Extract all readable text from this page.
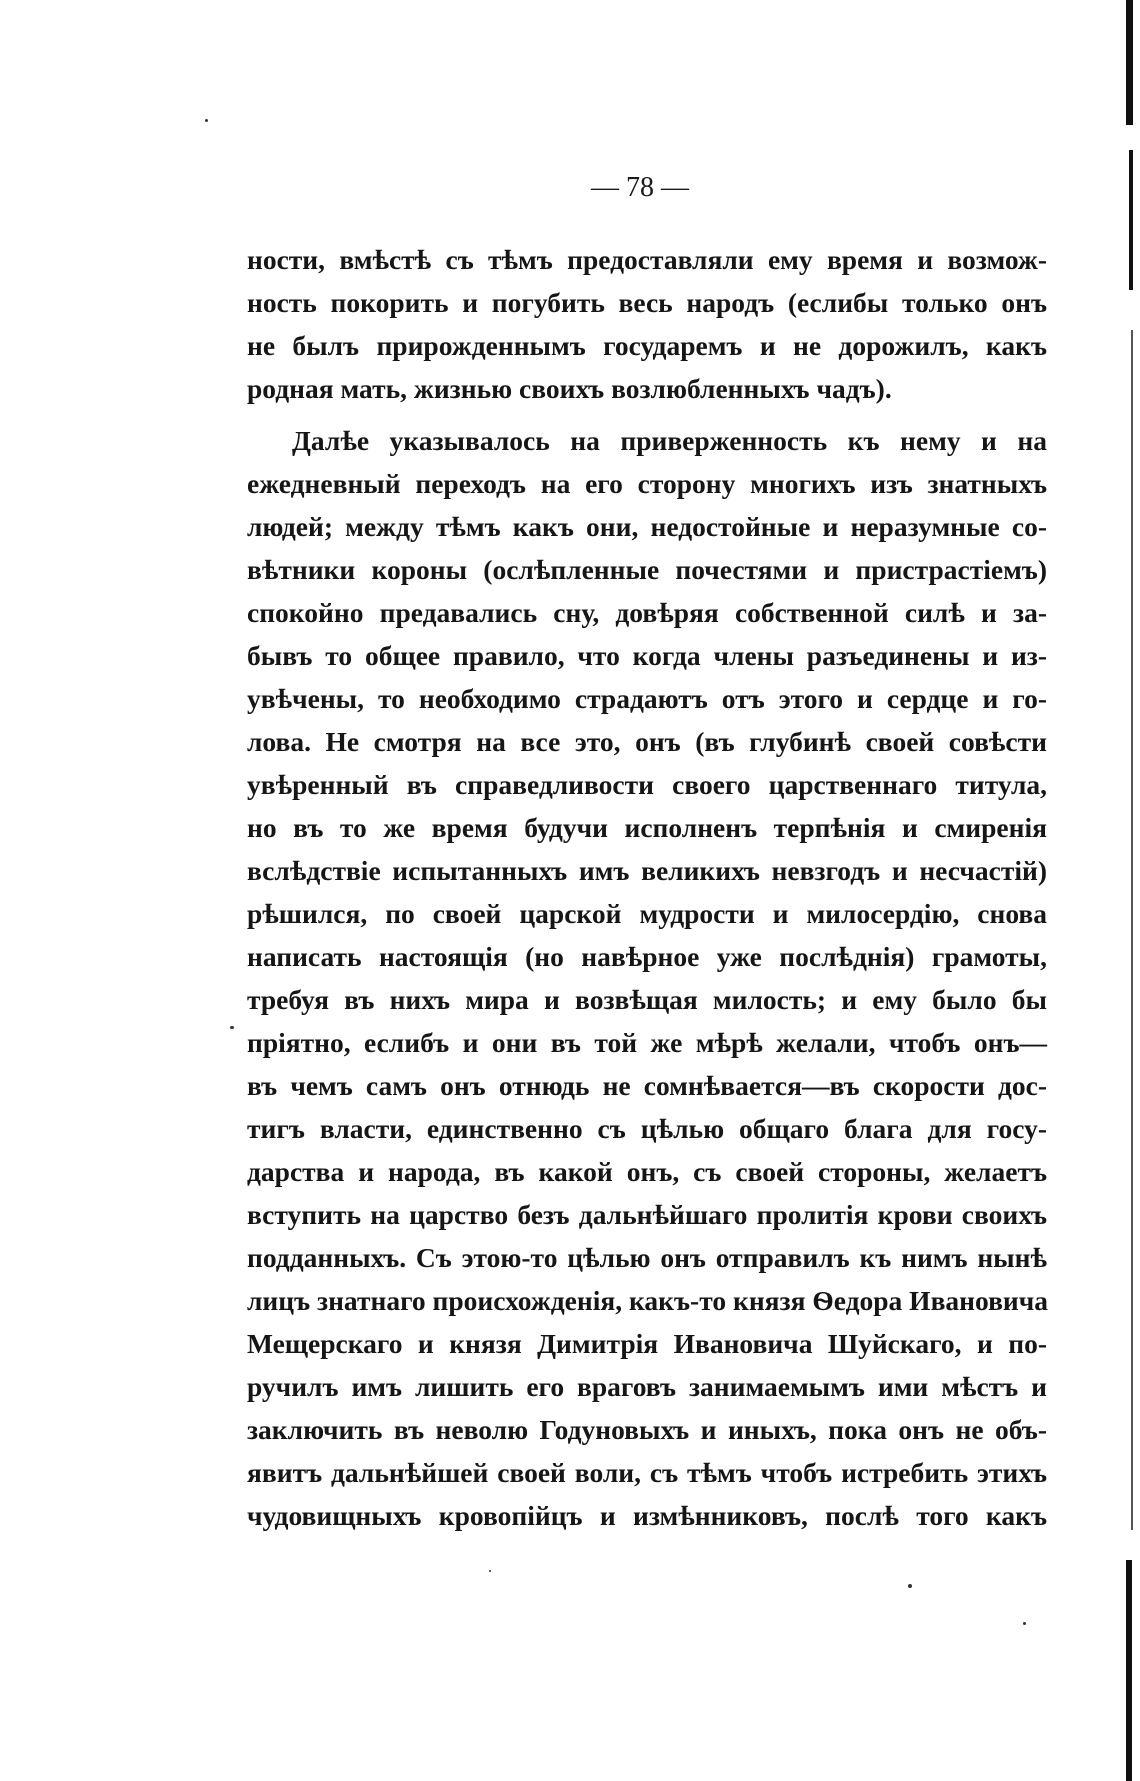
— 78 —
ности, вмѣстѣ съ тѣмъ предоставляли ему время и возмож-
ность покорить и погубить весь народъ (еслибы только онъ
не былъ прирожденнымъ государемъ и не дорожилъ, какъ
родная мать, жизнью своихъ возлюбленныхъ чадъ).
Далѣе указывалось на приверженность къ нему и на
ежедневный переходъ на его сторону многихъ изъ знатныхъ
людей; между тѣмъ какъ они, недостойные и неразумные со-
вѣтники короны (ослѣпленные почестями и пристрастіемъ)
спокойно предавались сну, довѣряя собственной силѣ и за-
бывъ то общее правило, что когда члены разъединены и из-
увѣчены, то необходимо страдаютъ отъ этого и сердце и го-
лова. Не смотря на все это, онъ (въ глубинѣ своей совѣсти
увѣренный въ справедливости своего царственнаго титула,
но въ то же время будучи исполненъ терпѣнія и смиренія
вслѣдствіе испытанныхъ имъ великихъ невзгодъ и несчастій)
рѣшился, по своей царской мудрости и милосердію, снова
написать настоящія (но навѣрное уже послѣднія) грамоты,
требуя въ нихъ мира и возвѣщая милость; и ему было бы
пріятно, еслибъ и они въ той же мѣрѣ желали, чтобъ онъ—
въ чемъ самъ онъ отнюдь не сомнѣвается—въ скорости дос-
тигъ власти, единственно съ цѣлью общаго блага для госу-
дарства и народа, въ какой онъ, съ своей стороны, желаетъ
вступить на царство безъ дальнѣйшаго пролитія крови своихъ
подданныхъ. Съ этою-то цѣлью онъ отправилъ къ нимъ нынѣ
лицъ знатнаго происхожденія, какъ-то князя Ѳедора Ивановича
Мещерскаго и князя Димитрія Ивановича Шуйскаго, и по-
ручилъ имъ лишить его враговъ занимаемымъ ими мѣстъ и
заключить въ неволю Годуновыхъ и иныхъ, пока онъ не объ-
явитъ дальнѣйшей своей воли, съ тѣмъ чтобъ истребить этихъ
чудовищныхъ кровопійцъ и измѣнниковъ, послѣ того какъ
